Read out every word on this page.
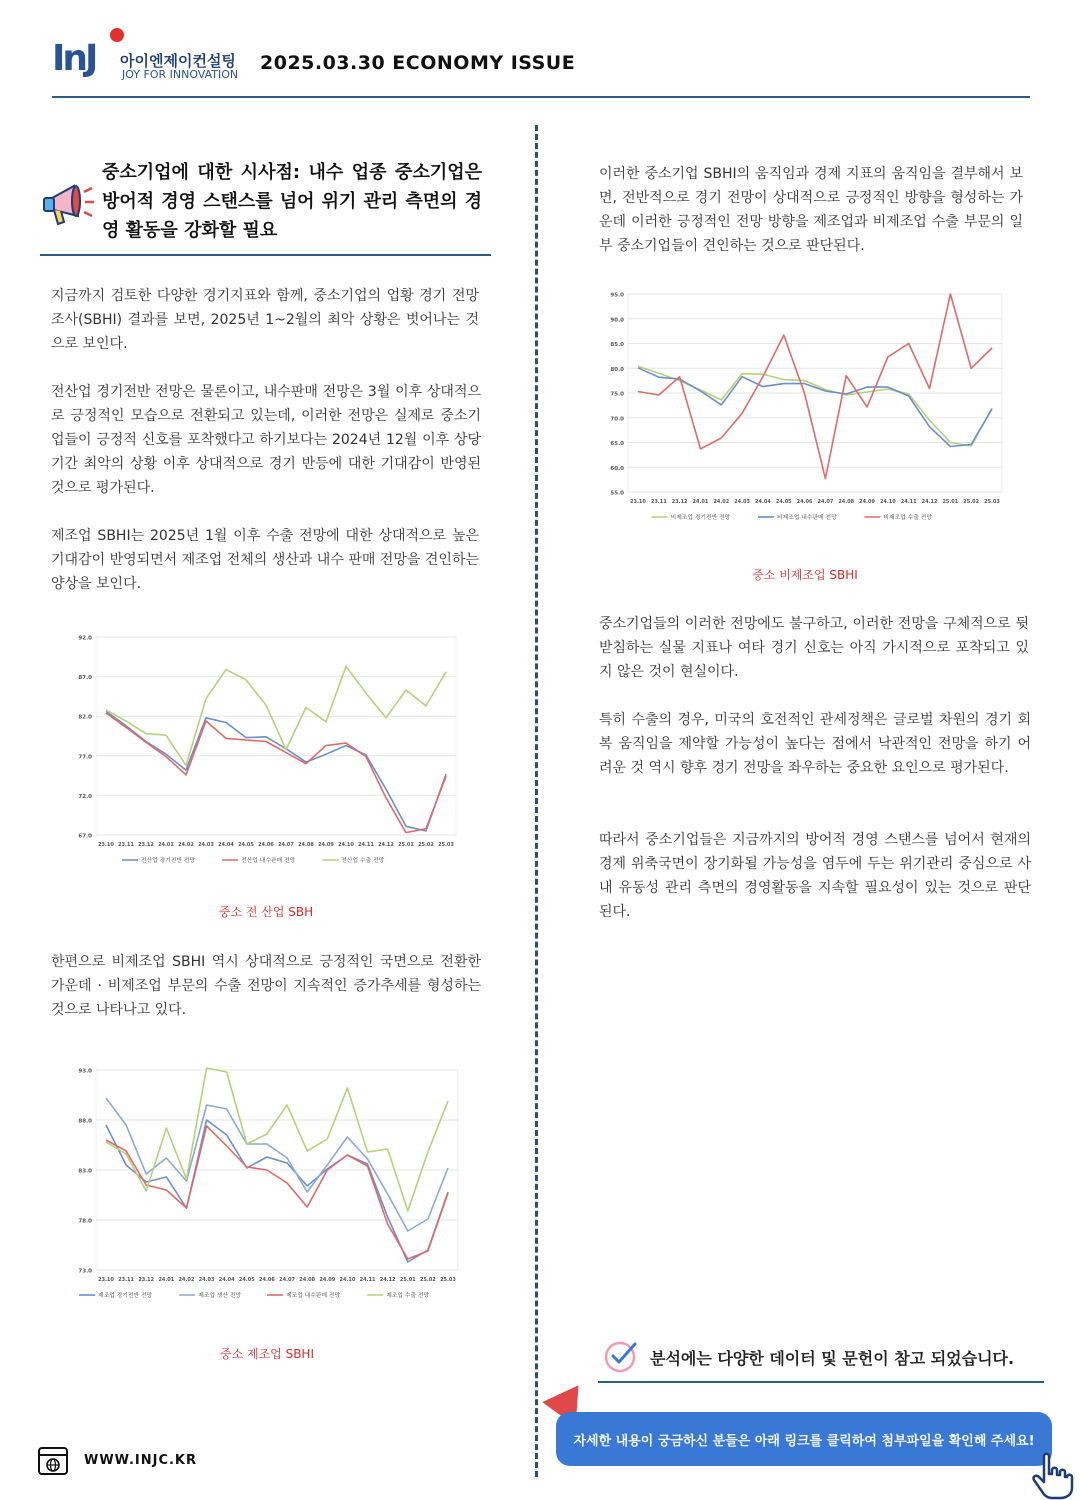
InJ 아이엔제이컨설팅
JOY FOR INNOVATION
2025.03.30 ECONOMY ISSUE
중소기업에 대한 시사점: 내수 업종 중소기업은 방어적 경영 스탠스를 넘어 위기 관리 측면의 경영 활동을 강화할 필요

지금까지 검토한 다양한 경기지표와 함께, 중소기업의 업황 경기 전망 조사(SBHI) 결과를 보면, 2025년 1~2월의 최악 상황은 벗어나는 것으로 보인다.

전산업 경기전반 전망은 물론이고, 내수판매 전망은 3월 이후 상대적으로 긍정적인 모습으로 전환되고 있는데, 이러한 전망은 실제로 중소기업들이 긍정적 신호를 포착했다고 하기보다는 2024년 12월 이후 상당 기간 최악의 상황 이후 상대적으로 경기 반등에 대한 기대감이 반영된 것으로 평가된다.

제조업 SBHI는 2025년 1월 이후 수출 전망에 대한 상대적으로 높은 기대감이 반영되면서 제조업 전체의 생산과 내수 판매 전망을 견인하는 양상을 보인다.

92.0
87.0
82.0
77.0
72.0
67.0
23.10 23.11 23.12 24.01 24.02 24.03 24.04 24.05 24.06 24.07 24.08 24.09 24.10 24.11 24.12 25.01 25.02 25.03
전산업 경기전반 전망	전산업 내수판매 전망	전산업 수출 전망
중소 전 산업 SBH

한편으로 비제조업 SBHI 역시 상대적으로 긍정적인 국면으로 전환한 가운데 · 비제조업 부문의 수출 전망이 지속적인 증가추세를 형성하는 것으로 나타나고 있다.

93.0
88.0
83.0
78.0
73.0
23.10 23.11 23.12 24.01 24.02 24.03 24.04 24.05 24.06 24.07 24.08 24.09 24.10 24.11 24.12 25.01 25.02 25.03
제조업 경기전반 전망	제조업 생산 전망	제조업 내수판매 전망	제조업 수출 전망
중소 제조업 SBHI

이러한 중소기업 SBHI의 움직임과 경제 지표의 움직임을 결부해서 보면, 전반적으로 경기 전망이 상대적으로 긍정적인 방향을 형성하는 가운데 이러한 긍정적인 전망 방향을 제조업과 비제조업 수출 부문의 일부 중소기업들이 견인하는 것으로 판단된다.

95.0
90.0
85.0
80.0
75.0
70.0
65.0
60.0
55.0
23.10 23.11 23.12 24.01 24.02 24.03 24.04 24.05 24.06 24.07 24.08 24.09 24.10 24.11 24.12 25.01 25.02 25.03
비제조업 경기전반 전망	비제조업 내수판매 전망	비제조업 수출 전망
중소 비제조업 SBHI

중소기업들의 이러한 전망에도 불구하고, 이러한 전망을 구체적으로 뒷받침하는 실물 지표나 여타 경기 신호는 아직 가시적으로 포착되고 있지 않은 것이 현실이다.

특히 수출의 경우, 미국의 호전적인 관세정책은 글로벌 차원의 경기 회복 움직임을 제약할 가능성이 높다는 점에서 낙관적인 전망을 하기 어려운 것 역시 향후 경기 전망을 좌우하는 중요한 요인으로 평가된다.

따라서 중소기업들은 지금까지의 방어적 경영 스탠스를 넘어서 현재의 경제 위축국면이 장기화될 가능성을 염두에 두는 위기관리 중심으로 사내 유동성 관리 측면의 경영활동을 지속할 필요성이 있는 것으로 판단된다.

분석에는 다양한 데이터 및 문헌이 참고 되었습니다.
자세한 내용이 궁금하신 분들은 아래 링크를 클릭하여 첨부파일을 확인해 주세요!
WWW.INJC.KR
